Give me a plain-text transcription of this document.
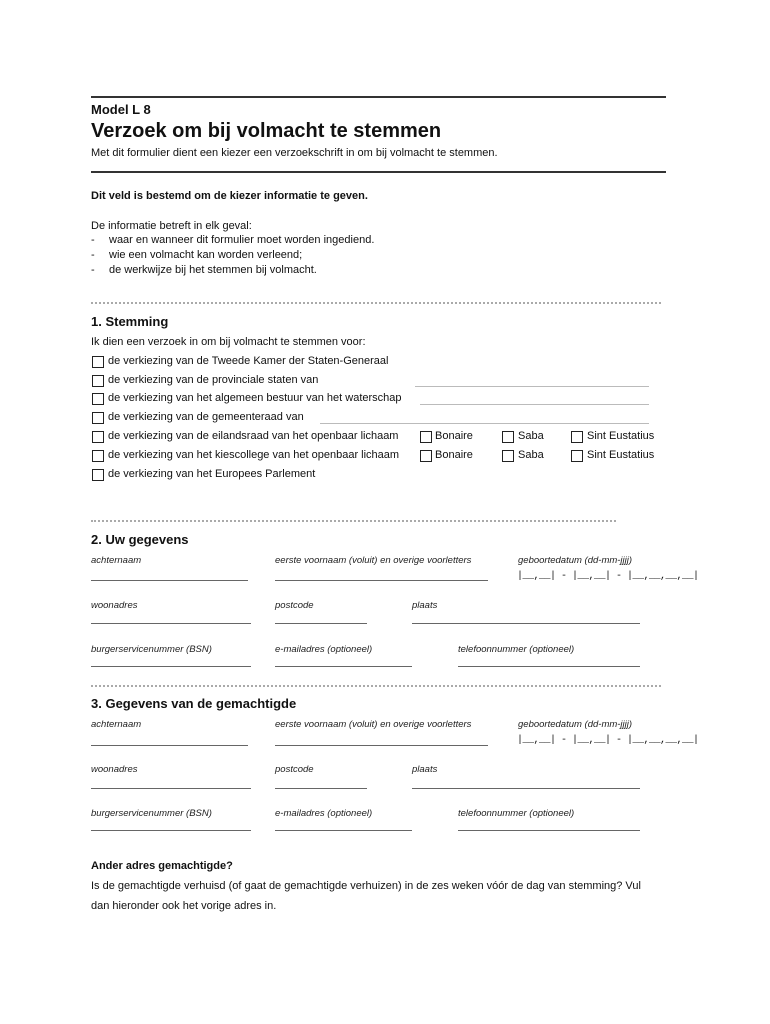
Model L 8
Verzoek om bij volmacht te stemmen
Met dit formulier dient een kiezer een verzoekschrift in om bij volmacht te stemmen.
Dit veld is bestemd om de kiezer informatie te geven.
De informatie betreft in elk geval:
- waar en wanneer dit formulier moet worden ingediend.
- wie een volmacht kan worden verleend;
- de werkwijze bij het stemmen bij volmacht.
1. Stemming
Ik dien een verzoek in om bij volmacht te stemmen voor:
de verkiezing van de Tweede Kamer der Staten-Generaal
de verkiezing van de provinciale staten van
de verkiezing van het algemeen bestuur van het waterschap
de verkiezing van de gemeenteraad van
de verkiezing van de eilandsraad van het openbaar lichaam	Bonaire	Saba	Sint Eustatius
de verkiezing van het kiescollege van het openbaar lichaam	Bonaire	Saba	Sint Eustatius
de verkiezing van het Europees Parlement
2. Uw gegevens
achternaam	eerste voornaam (voluit) en overige voorletters	geboortedatum (dd-mm-jjjj)
|__,__| - |__,__| - |__,__,__,__|
woonadres	postcode	plaats
burgerservicenummer (BSN)	e-mailadres (optioneel)	telefoonnummer (optioneel)
3. Gegevens van de gemachtigde
achternaam	eerste voornaam (voluit) en overige voorletters	geboortedatum (dd-mm-jjjj)
|__,__| - |__,__| - |__,__,__,__|
woonadres	postcode	plaats
burgerservicenummer (BSN)	e-mailadres (optioneel)	telefoonnummer (optioneel)
Ander adres gemachtigde?
Is de gemachtigde verhuisd (of gaat de gemachtigde verhuizen) in de zes weken vóór de dag van stemming? Vul
dan hieronder ook het vorige adres in.
